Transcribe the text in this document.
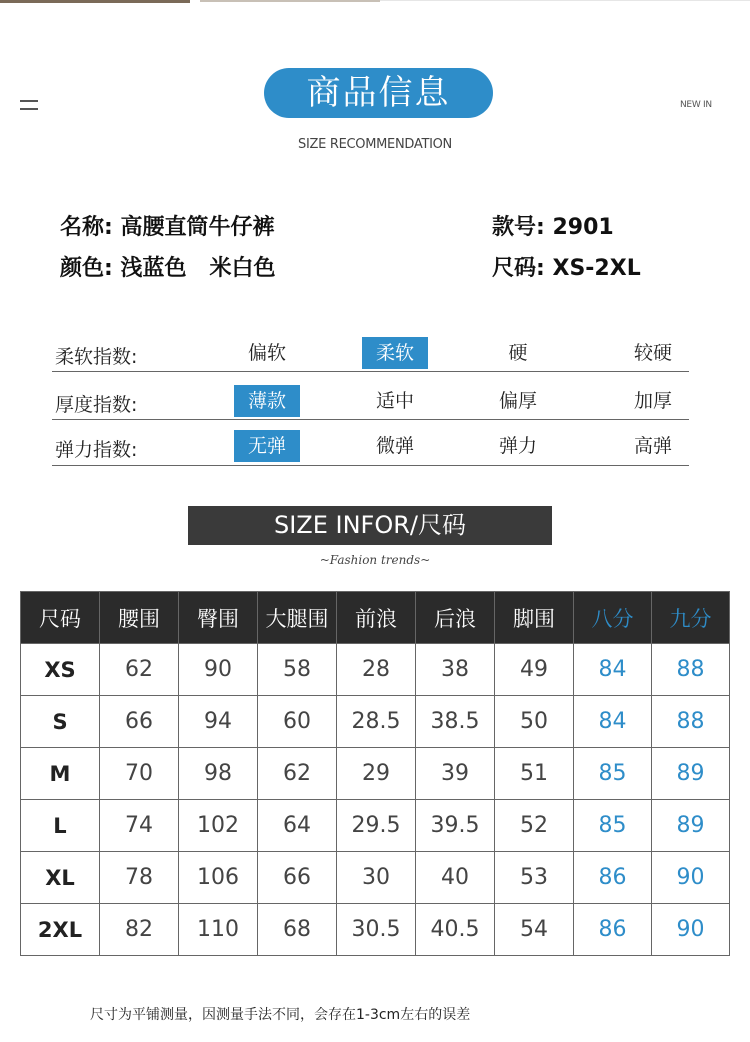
商品信息	NEW IN
SIZE RECOMMENDATION
名称: 高腰直筒牛仔裤
颜色: 浅蓝色   米白色
款号: 2901
尺码: XS-2XL
柔软指数:	偏软	柔软	硬	较硬
厚度指数:	薄款	适中	偏厚	加厚
弹力指数:	无弹	微弹	弹力	高弹
SIZE INFOR/尺码
~Fashion trends~
尺码	腰围	臀围	大腿围	前浪	后浪	脚围	八分	九分
XS	62	90	58	28	38	49	84	88
S	66	94	60	28.5	38.5	50	84	88
M	70	98	62	29	39	51	85	89
L	74	102	64	29.5	39.5	52	85	89
XL	78	106	66	30	40	53	86	90
2XL	82	110	68	30.5	40.5	54	86	90
尺寸为平铺测量，因测量手法不同，会存在1-3cm左右的误差
